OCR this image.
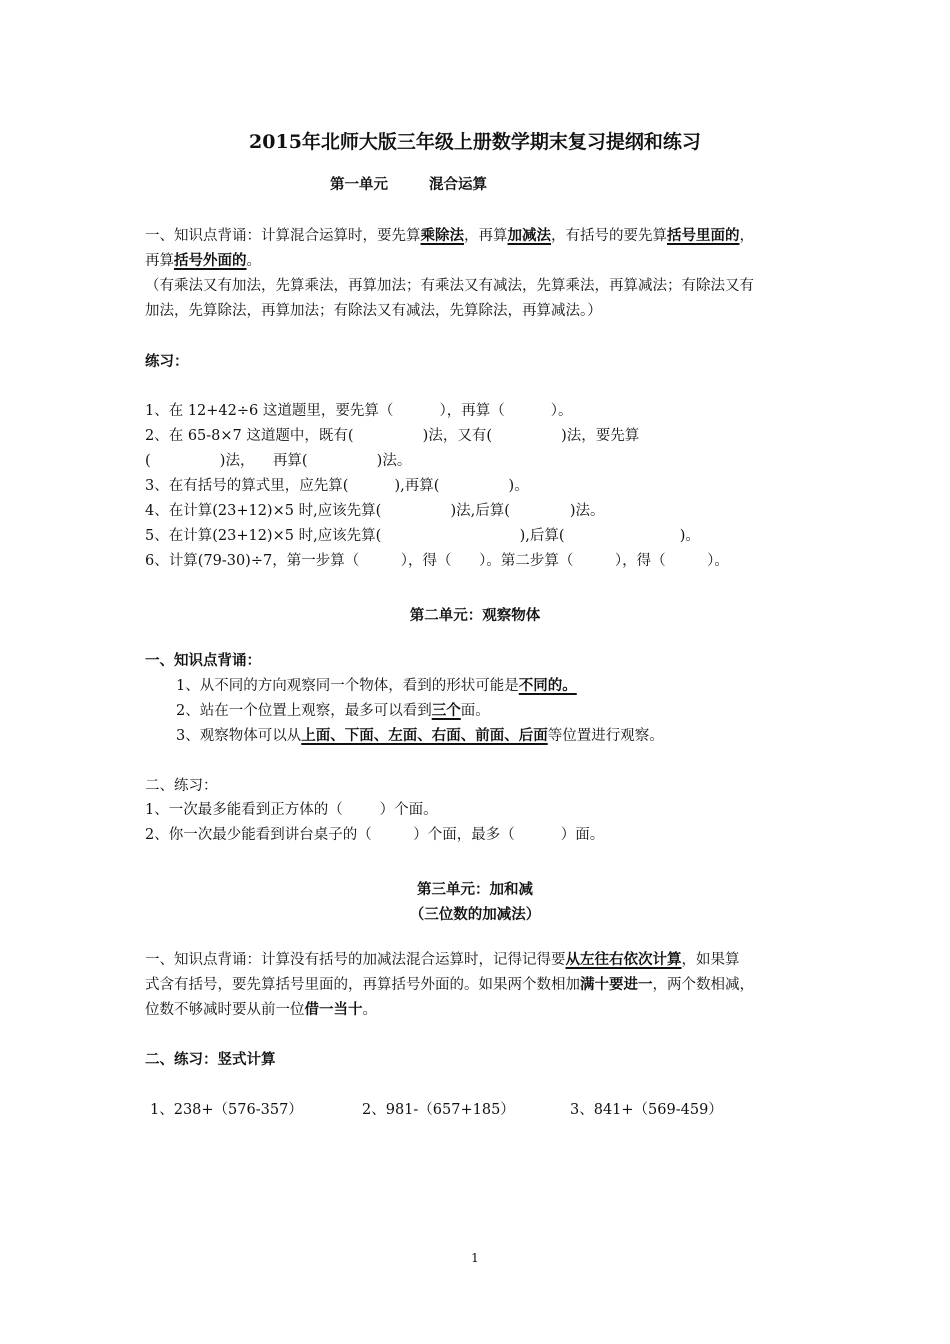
2015年北师大版三年级上册数学期末复习提纲和练习
第一单元	混合运算
一、知识点背诵：计算混合运算时，要先算乘除法，再算加减法，有括号的要先算括号里面的，
再算括号外面的。
（有乘法又有加法，先算乘法，再算加法；有乘法又有减法，先算乘法，再算减法；有除法又有
加法，先算除法，再算加法；有除法又有减法，先算除法，再算减法。）
练习：
1、在 12+42÷6 这道题里，要先算（          ），再算（          ）。
2、在 65-8×7 这道题中，既有(               )法，又有(               )法，要先算
(               )法，    再算(               )法。
3、在有括号的算式里，应先算(          ),再算(               )。
4、在计算(23+12)×5 时,应该先算(               )法,后算(             )法。
5、在计算(23+12)×5 时,应该先算(                              ),后算(                         )。
6、计算(79-30)÷7，第一步算（         ），得（      ）。第二步算（         ），得（         ）。
第二单元：观察物体
一、知识点背诵：
1、从不同的方向观察同一个物体，看到的形状可能是不同的。
2、站在一个位置上观察，最多可以看到三个面。
3、观察物体可以从上面、下面、左面、右面、前面、后面等位置进行观察。
二、练习：
1、一次最多能看到正方体的（        ）个面。
2、你一次最少能看到讲台桌子的（         ）个面，最多（          ）面。
第三单元：加和减
（三位数的加减法）
一、知识点背诵：计算没有括号的加减法混合运算时，记得记得要从左往右依次计算，如果算
式含有括号，要先算括号里面的，再算括号外面的。如果两个数相加满十要进一，两个数相减，
位数不够减时要从前一位借一当十。
二、练习：竖式计算
1、238+（576-357）	2、981-（657+185）	3、841+（569-459）
1
